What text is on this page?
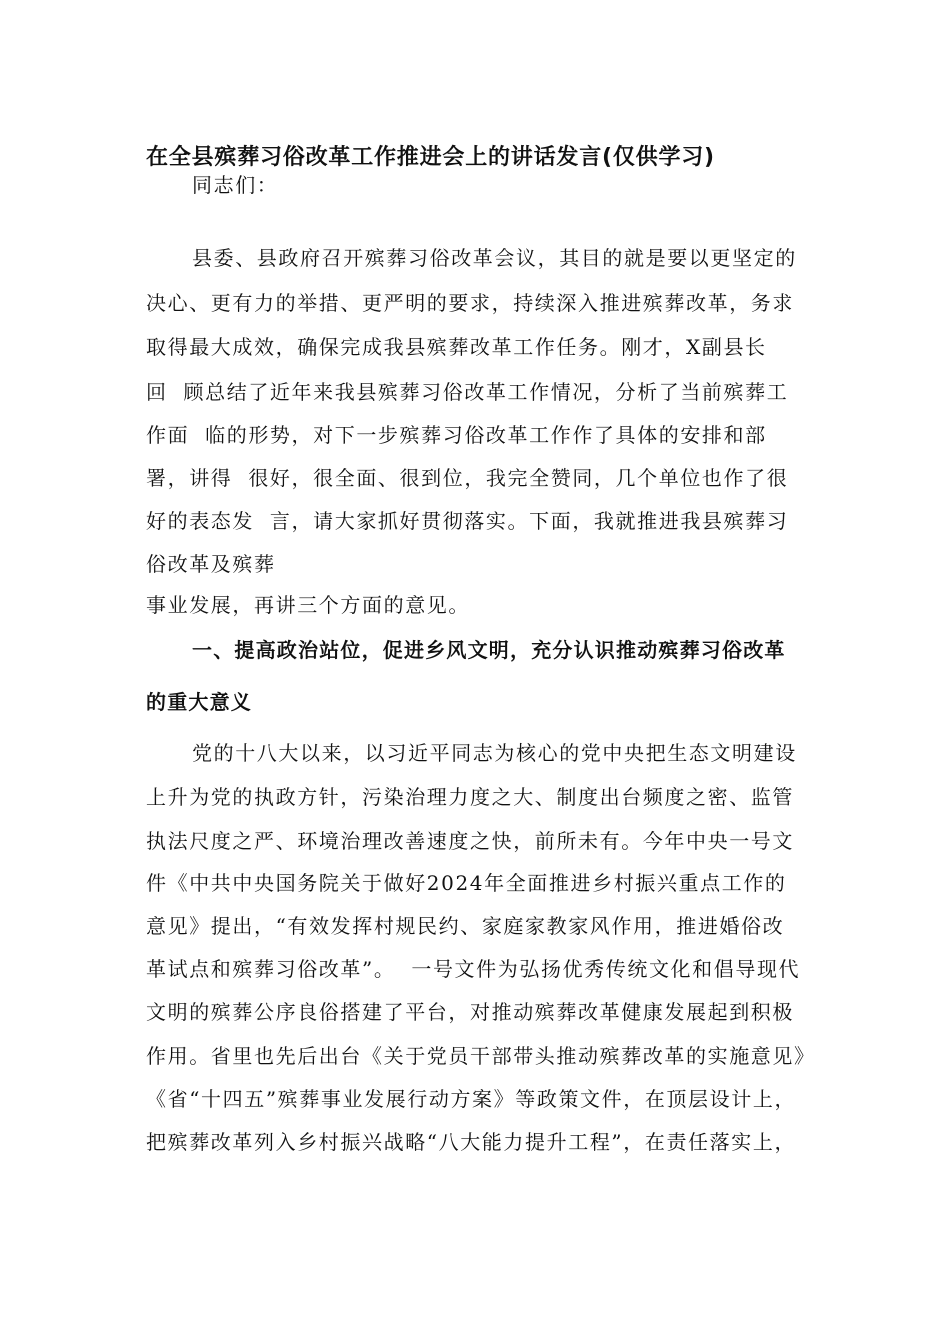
在全县殡葬习俗改革工作推进会上的讲话发言(仅供学习)
同志们：
县委、县政府召开殡葬习俗改革会议，其目的就是要以更坚定的
决心、更有力的举措、更严明的要求，持续深入推进殡葬改革，务求
取得最大成效，确保完成我县殡葬改革工作任务。刚才，X副县长
回  顾总结了近年来我县殡葬习俗改革工作情况，分析了当前殡葬工
作面  临的形势，对下一步殡葬习俗改革工作作了具体的安排和部
署，讲得  很好，很全面、很到位，我完全赞同，几个单位也作了很
好的表态发  言，请大家抓好贯彻落实。下面，我就推进我县殡葬习
俗改革及殡葬
事业发展，再讲三个方面的意见。
一、提高政治站位，促进乡风文明，充分认识推动殡葬习俗改革
的重大意义
党的十八大以来，以习近平同志为核心的党中央把生态文明建设
上升为党的执政方针，污染治理力度之大、制度出台频度之密、监管
执法尺度之严、环境治理改善速度之快，前所未有。今年中央一号文
件《中共中央国务院关于做好2024年全面推进乡村振兴重点工作的
意见》提出，“有效发挥村规民约、家庭家教家风作用，推进婚俗改
革试点和殡葬习俗改革”。  一号文件为弘扬优秀传统文化和倡导现代
文明的殡葬公序良俗搭建了平台，对推动殡葬改革健康发展起到积极
作用。省里也先后出台《关于党员干部带头推动殡葬改革的实施意见》
《省“十四五”殡葬事业发展行动方案》等政策文件，在顶层设计上，
把殡葬改革列入乡村振兴战略“八大能力提升工程”，在责任落实上，
